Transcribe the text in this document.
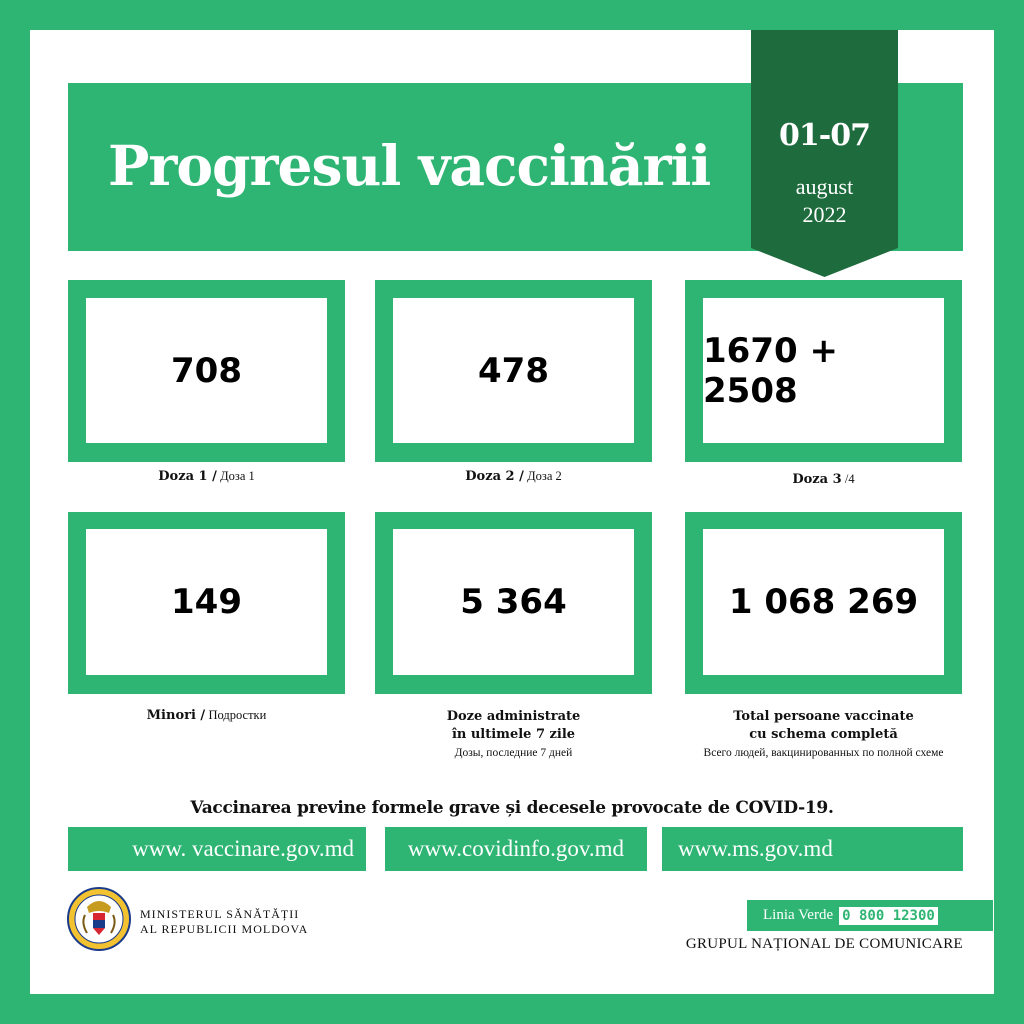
Progresul vaccinării	01-07
august
2022
708	478	1670 + 2508
Doza 1 / Доза 1	Doza 2 / Доза 2	Doza 3 /4
149	5 364	1 068 269
Minori / Подростки	Doze administrate
în ultimele 7 zile
Дозы, последние 7 дней
Total persoane vaccinate
cu schema completă
Всего людей, вакцинированных по полной схеме
Vaccinarea previne formele grave și decesele provocate de COVID-19.
www. vaccinare.gov.md www.covidinfo.gov.md www.ms.gov.md
MINISTERUL SĂNĂTĂȚII
AL REPUBLICII MOLDOVA
Linia Verde 0 800 12300
GRUPUL NAȚIONAL DE COMUNICARE
